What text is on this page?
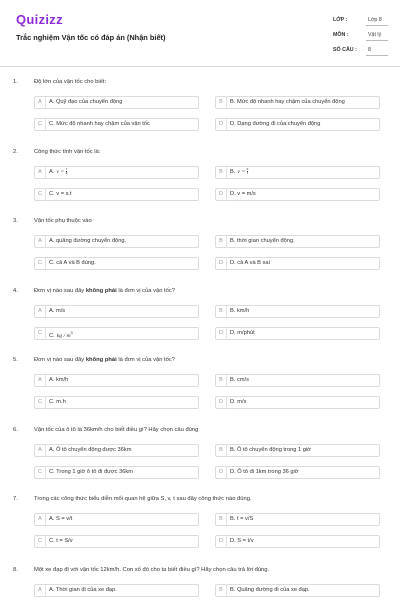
Quizizz
Trắc nghiệm Vận tốc có đáp án (Nhận biết)
LỚP :	Lớp 8
MÔN :	Vật lý
SỐ CÂU : 8
1.	Độ lớn của vận tốc cho biết:
A	A. Quỹ đạo của chuyển động	B	B. Mức độ nhanh hay chậm của chuyển động
C	C. Mức độ nhanh hay chậm của vận tốc	D	D. Dạng đường đi của chuyển động
2.	Công thức tính vận tốc là:
A	A. $v = \frac{t}{s}$	B	B. $v = \frac{s}{t}$
C	C. v = s.t	D	D. v = m/s
3.	Vận tốc phụ thuộc vào
A	A. quãng đường chuyển động.	B	B. thời gian chuyển động.
C	C. cả A và B đúng.	D	D. cả A và B sai
4.	Đơn vị nào sau đây không phải là đơn vị của vận tốc?
A	A. m/s	B	B. km/h
C	C. kg / $m^3$	D	D. m/phút
5.	Đơn vị nào sau đây không phải là đơn vị của vận tốc?
A	A. km/h	B	B. cm/s
C	C. m.h	D	D. m/s
6.	Vận tốc của ô tô là 36km/h cho biết điều gì? Hãy chọn câu đúng
A	A. Ô tô chuyển động được 36km	B	B. Ô tô chuyển động trong 1 giờ
C	C. Trong 1 giờ ô tô đi được 36km	D	D. Ô tô đi 1km trong 36 giờ
7.	Trong các công thức biểu diễn mối quan hệ giữa S, v, t sau đây công thức nào đúng.
A	A. S = v/t	B	B. t = v/S
C	C. t = S/v	D	D. S = t/v
8.	Một xe đạp đi với vận tốc 12km/h. Con số đó cho ta biết điều gì? Hãy chọn câu trả lời đúng.
A	A. Thời gian đi của xe đạp.	B	B. Quãng đường đi của xe đạp.
